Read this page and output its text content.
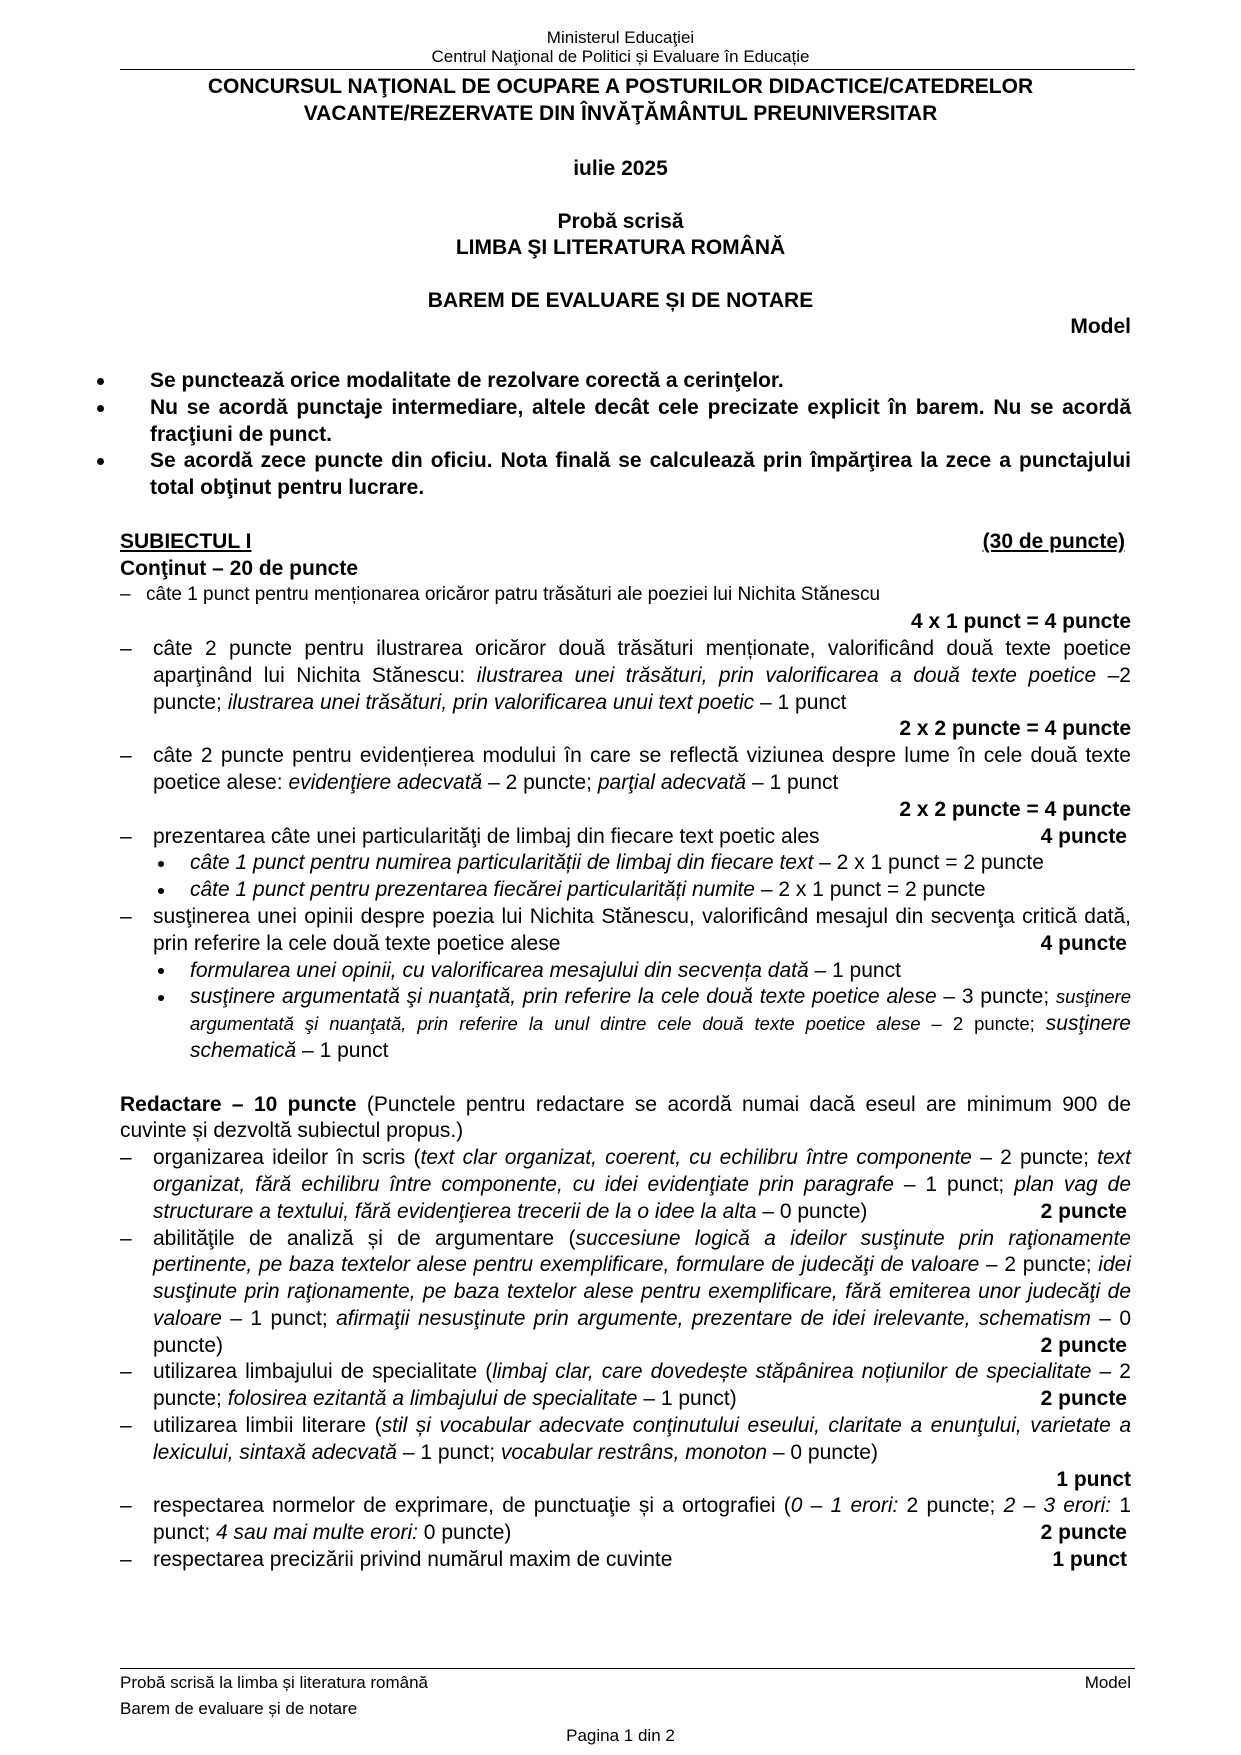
Ministerul Educaţiei
Centrul Naţional de Politici și Evaluare în Educație
CONCURSUL NAŢIONAL DE OCUPARE A POSTURILOR DIDACTICE/CATEDRELOR
VACANTE/REZERVATE DIN ÎNVĂŢĂMÂNTUL PREUNIVERSITAR
iulie 2025
Probă scrisă
LIMBA ŞI LITERATURA ROMÂNĂ
BAREM DE EVALUARE ȘI DE NOTARE
Model
Se punctează orice modalitate de rezolvare corectă a cerinţelor.
Nu se acordă punctaje intermediare, altele decât cele precizate explicit în barem. Nu se acordă fracţiuni de punct.
Se acordă zece puncte din oficiu. Nota finală se calculează prin împărţirea la zece a punctajului total obţinut pentru lucrare.
SUBIECTUL I	(30 de puncte)
Conţinut – 20 de puncte
– câte 1 punct pentru menționarea oricăror patru trăsături ale poeziei lui Nichita Stănescu
4 x 1 punct = 4 puncte
– câte 2 puncte pentru ilustrarea oricăror două trăsături menționate, valorificând două texte poetice aparţinând lui Nichita Stănescu: ilustrarea unei trăsături, prin valorificarea a două texte poetice –2 puncte; ilustrarea unei trăsături, prin valorificarea unui text poetic – 1 punct
2 x 2 puncte = 4 puncte
– câte 2 puncte pentru evidențierea modului în care se reflectă viziunea despre lume în cele două texte poetice alese: evidenţiere adecvată – 2 puncte; parţial adecvată – 1 punct
2 x 2 puncte = 4 puncte
– prezentarea câte unei particularităţi de limbaj din fiecare text poetic ales	4 puncte
câte 1 punct pentru numirea particularității de limbaj din fiecare text – 2 x 1 punct = 2 puncte
câte 1 punct pentru prezentarea fiecărei particularități numite – 2 x 1 punct = 2 puncte
– susţinerea unei opinii despre poezia lui Nichita Stănescu, valorificând mesajul din secvenţa critică dată, prin referire la cele două texte poetice alese	4 puncte
formularea unei opinii, cu valorificarea mesajului din secvența dată – 1 punct
susţinere argumentată şi nuanţată, prin referire la cele două texte poetice alese – 3 puncte; susţinere argumentată şi nuanţată, prin referire la unul dintre cele două texte poetice alese – 2 puncte; susţinere schematică – 1 punct
Redactare – 10 puncte (Punctele pentru redactare se acordă numai dacă eseul are minimum 900 de cuvinte și dezvoltă subiectul propus.)
– organizarea ideilor în scris (text clar organizat, coerent, cu echilibru între componente – 2 puncte; text organizat, fără echilibru între componente, cu idei evidenţiate prin paragrafe – 1 punct; plan vag de structurare a textului, fără evidenţierea trecerii de la o idee la alta – 0 puncte)	2 puncte
– abilităţile de analiză și de argumentare (succesiune logică a ideilor susţinute prin raţionamente pertinente, pe baza textelor alese pentru exemplificare, formulare de judecăţi de valoare – 2 puncte; idei susţinute prin raţionamente, pe baza textelor alese pentru exemplificare, fără emiterea unor judecăţi de valoare – 1 punct; afirmaţii nesusţinute prin argumente, prezentare de idei irelevante, schematism – 0 puncte)	2 puncte
– utilizarea limbajului de specialitate (limbaj clar, care dovedește stăpânirea noțiunilor de specialitate – 2 puncte; folosirea ezitantă a limbajului de specialitate – 1 punct)	2 puncte
– utilizarea limbii literare (stil și vocabular adecvate conţinutului eseului, claritate a enunţului, varietate a lexicului, sintaxă adecvată – 1 punct; vocabular restrâns, monoton – 0 puncte)
1 punct
– respectarea normelor de exprimare, de punctuaţie și a ortografiei (0 – 1 erori: 2 puncte; 2 – 3 erori: 1 punct; 4 sau mai multe erori: 0 puncte)	2 puncte
– respectarea precizării privind numărul maxim de cuvinte	1 punct
Probă scrisă la limba și literatura română
Barem de evaluare și de notare
Model
Pagina 1 din 2
